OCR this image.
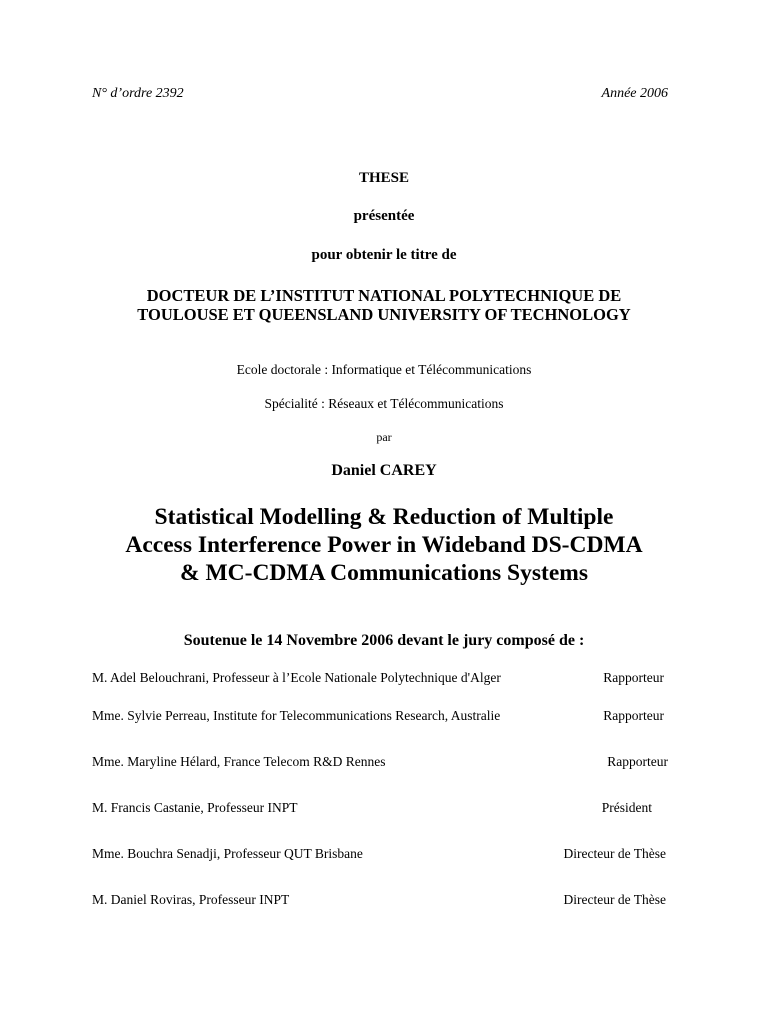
N° d’ordre 2392	Année 2006
THESE
présentée
pour obtenir le titre de
DOCTEUR DE L’INSTITUT NATIONAL POLYTECHNIQUE DE
TOULOUSE ET QUEENSLAND UNIVERSITY OF TECHNOLOGY
Ecole doctorale : Informatique et Télécommunications
Spécialité : Réseaux et Télécommunications
par
Daniel CAREY
Statistical Modelling & Reduction of Multiple
Access Interference Power in Wideband DS-CDMA
& MC-CDMA Communications Systems
Soutenue le 14 Novembre 2006 devant le jury composé de :
M. Adel Belouchrani, Professeur à l’Ecole Nationale Polytechnique d'Alger	Rapporteur
Mme. Sylvie Perreau, Institute for Telecommunications Research, Australie	Rapporteur
Mme. Maryline Hélard, France Telecom R&D Rennes	Rapporteur
M. Francis Castanie, Professeur INPT	Président
Mme. Bouchra Senadji, Professeur QUT Brisbane	Directeur de Thèse
M. Daniel Roviras, Professeur INPT	Directeur de Thèse
